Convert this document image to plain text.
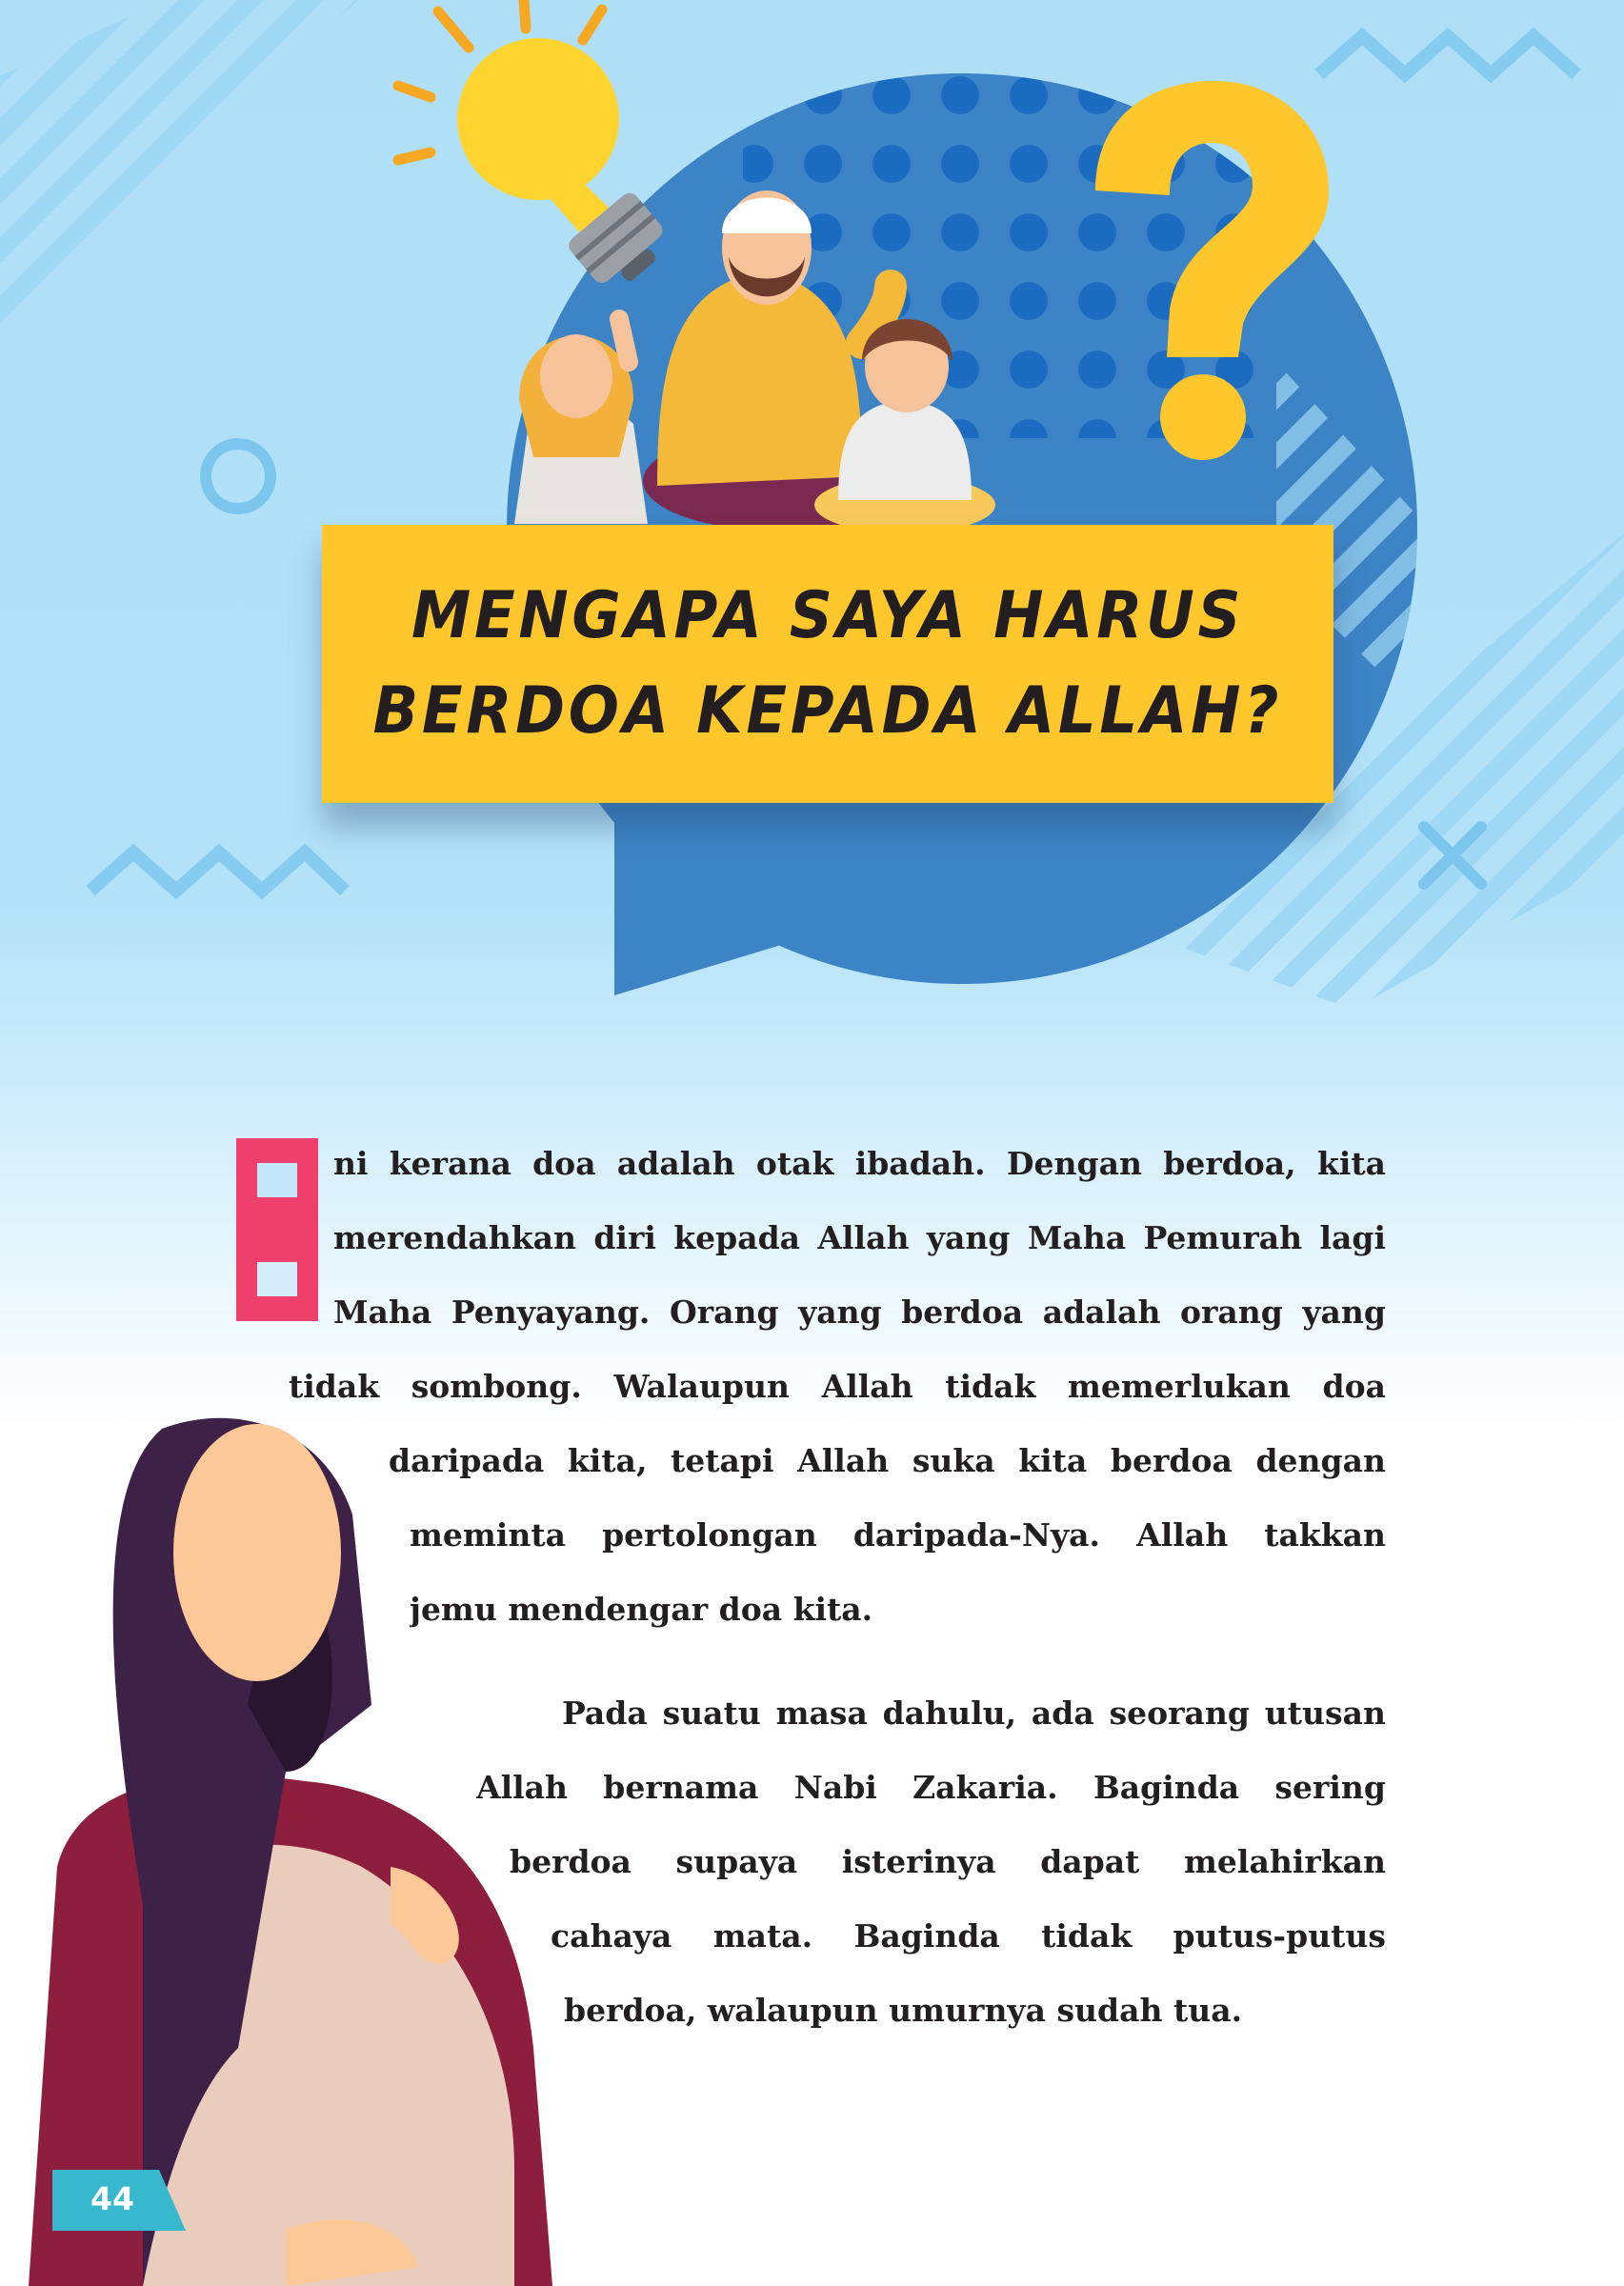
MENGAPA SAYA HARUS
BERDOA KEPADA ALLAH?
I
ni kerana doa adalah otak ibadah. Dengan berdoa, kita
merendahkan diri kepada Allah yang Maha Pemurah lagi
Maha Penyayang. Orang yang berdoa adalah orang yang
tidak sombong. Walaupun Allah tidak memerlukan doa
daripada kita, tetapi Allah suka kita berdoa dengan
meminta pertolongan daripada-Nya. Allah takkan
jemu mendengar doa kita.
Pada suatu masa dahulu, ada seorang utusan
Allah bernama Nabi Zakaria. Baginda sering
berdoa supaya isterinya dapat melahirkan
cahaya mata. Baginda tidak putus-putus
berdoa, walaupun umurnya sudah tua.
44
